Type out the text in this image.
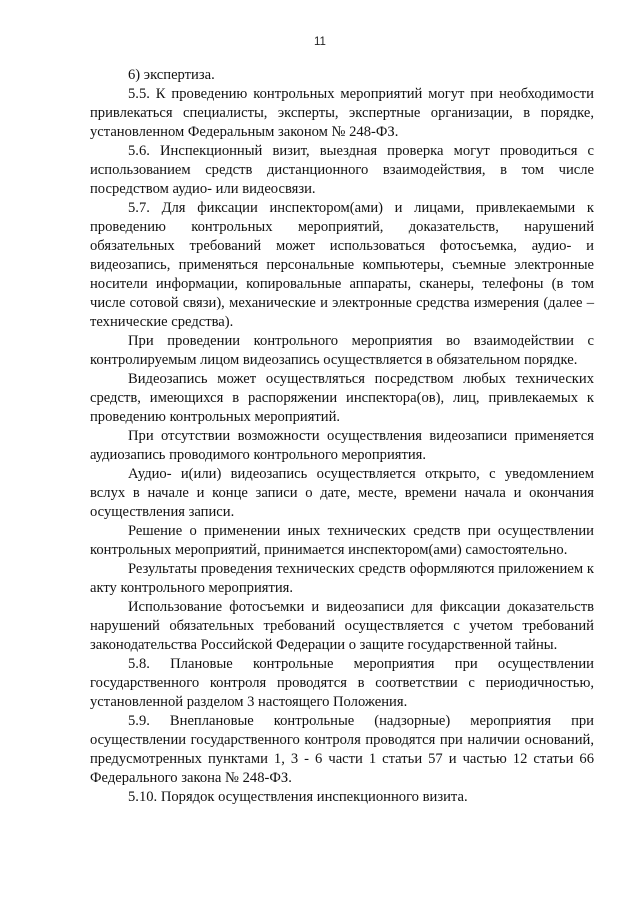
11

6) экспертиза.

5.5. К проведению контрольных мероприятий могут при необходимости привлекаться специалисты, эксперты, экспертные организации, в порядке, установленном Федеральным законом № 248-ФЗ.

5.6. Инспекционный визит, выездная проверка могут проводиться с использованием средств дистанционного взаимодействия, в том числе посредством аудио- или видеосвязи.

5.7. Для фиксации инспектором(ами) и лицами, привлекаемыми к проведению контрольных мероприятий, доказательств, нарушений обязательных требований может использоваться фотосъемка, аудио- и видеозапись, применяться персональные компьютеры, съемные электронные носители информации, копировальные аппараты, сканеры, телефоны (в том числе сотовой связи), механические и электронные средства измерения (далее – технические средства).

При проведении контрольного мероприятия во взаимодействии с контролируемым лицом видеозапись осуществляется в обязательном порядке.

Видеозапись может осуществляться посредством любых технических средств, имеющихся в распоряжении инспектора(ов), лиц, привлекаемых к проведению контрольных мероприятий.

При отсутствии возможности осуществления видеозаписи применяется аудиозапись проводимого контрольного мероприятия.

Аудио- и(или) видеозапись осуществляется открыто, с уведомлением вслух в начале и конце записи о дате, месте, времени начала и окончания осуществления записи.

Решение о применении иных технических средств при осуществлении контрольных мероприятий, принимается инспектором(ами) самостоятельно.

Результаты проведения технических средств оформляются приложением к акту контрольного мероприятия.

Использование фотосъемки и видеозаписи для фиксации доказательств нарушений обязательных требований осуществляется с учетом требований законодательства Российской Федерации о защите государственной тайны.

5.8. Плановые контрольные мероприятия при осуществлении государственного контроля проводятся в соответствии с периодичностью, установленной разделом 3 настоящего Положения.

5.9. Внеплановые контрольные (надзорные) мероприятия при осуществлении государственного контроля проводятся при наличии оснований, предусмотренных пунктами 1, 3 - 6 части 1 статьи 57 и частью 12 статьи 66 Федерального закона № 248-ФЗ.

5.10. Порядок осуществления инспекционного визита.
